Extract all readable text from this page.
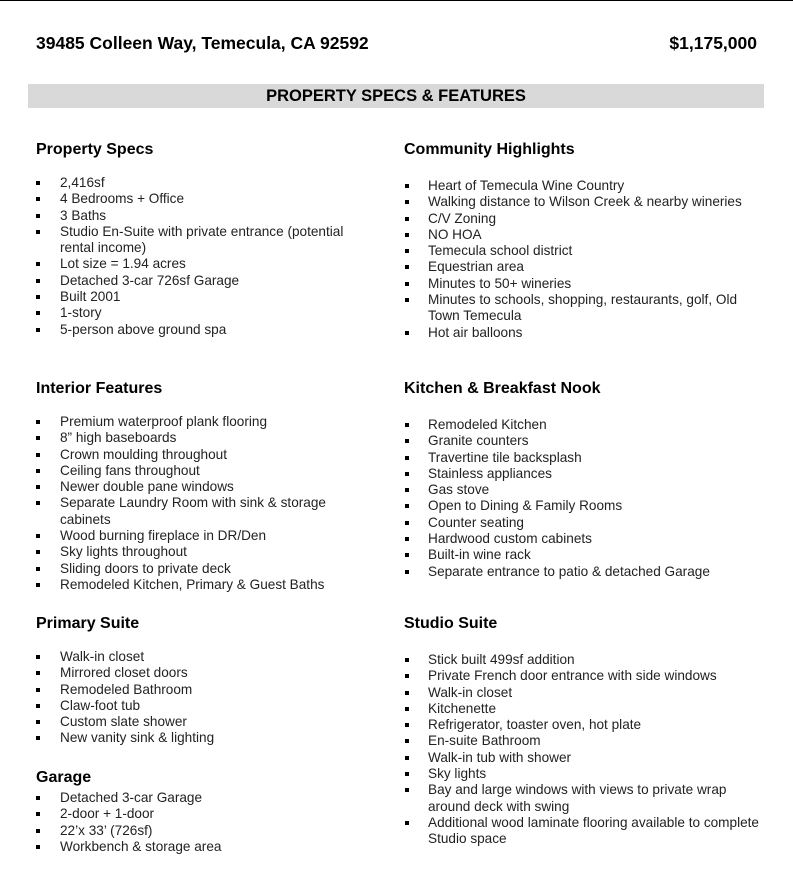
39485 Colleen Way, Temecula, CA 92592	$1,175,000
PROPERTY SPECS & FEATURES
Property Specs
2,416sf
4 Bedrooms + Office
3 Baths
Studio En-Suite with private entrance (potential rental income)
Lot size = 1.94 acres
Detached 3-car 726sf Garage
Built 2001
1-story
5-person above ground spa
Community Highlights
Heart of Temecula Wine Country
Walking distance to Wilson Creek & nearby wineries
C/V Zoning
NO HOA
Temecula school district
Equestrian area
Minutes to 50+ wineries
Minutes to schools, shopping, restaurants, golf, Old Town Temecula
Hot air balloons
Interior Features
Premium waterproof plank flooring
8” high baseboards
Crown moulding throughout
Ceiling fans throughout
Newer double pane windows
Separate Laundry Room with sink & storage cabinets
Wood burning fireplace in DR/Den
Sky lights throughout
Sliding doors to private deck
Remodeled Kitchen, Primary & Guest Baths
Kitchen & Breakfast Nook
Remodeled Kitchen
Granite counters
Travertine tile backsplash
Stainless appliances
Gas stove
Open to Dining & Family Rooms
Counter seating
Hardwood custom cabinets
Built-in wine rack
Separate entrance to patio & detached Garage
Primary Suite
Walk-in closet
Mirrored closet doors
Remodeled Bathroom
Claw-foot tub
Custom slate shower
New vanity sink & lighting
Studio Suite
Stick built 499sf addition
Private French door entrance with side windows
Walk-in closet
Kitchenette
Refrigerator, toaster oven, hot plate
En-suite Bathroom
Walk-in tub with shower
Sky lights
Bay and large windows with views to private wrap around deck with swing
Additional wood laminate flooring available to complete Studio space
Garage
Detached 3-car Garage
2-door + 1-door
22’x 33’ (726sf)
Workbench & storage area
